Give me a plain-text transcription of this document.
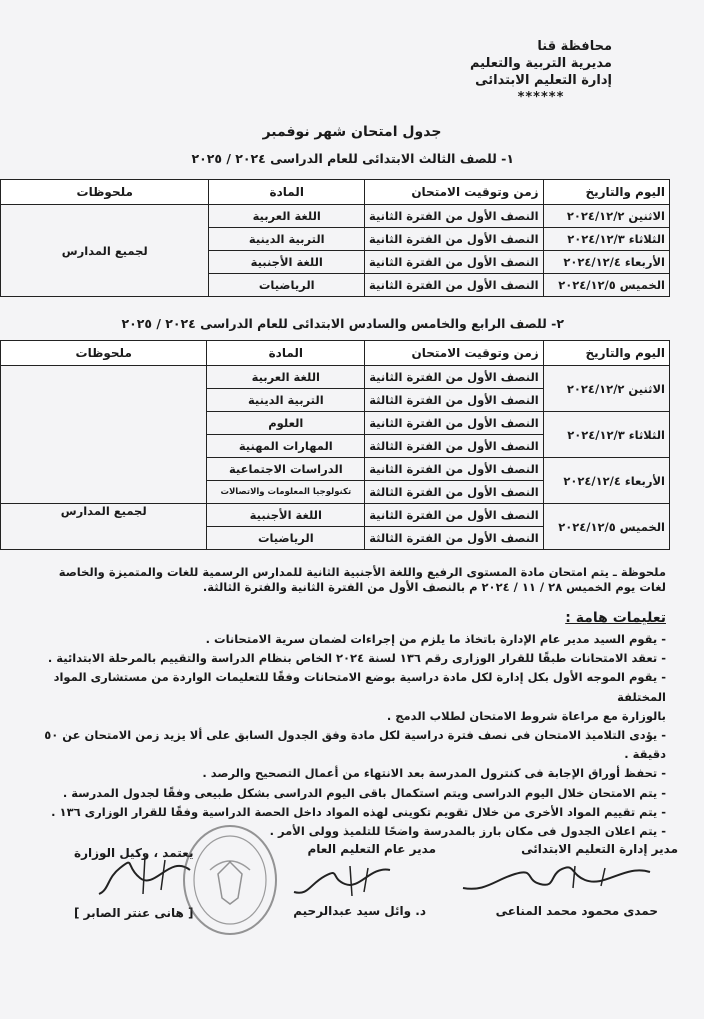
محافظة قنا
مديرية التربية والتعليم
إدارة التعليم الابتدائى
******
جدول امتحان شهر نوفمبر
١- للصف الثالث الابتدائى للعام الدراسى ٢٠٢٤ / ٢٠٢٥
اليوم والتاريخ	زمن وتوقيت الامتحان	المادة	ملحوظات
الاثنين ٢٠٢٤/١٢/٢	النصف الأول من الفترة الثانية	اللغة العربية	لجميع المدارس
الثلاثاء ٢٠٢٤/١٢/٣	النصف الأول من الفترة الثانية	التربية الدينية	
الأربعاء ٢٠٢٤/١٢/٤	النصف الأول من الفترة الثانية	اللغة الأجنبية	
الخميس ٢٠٢٤/١٢/٥	النصف الأول من الفترة الثانية	الرياضيات	
٢- للصف الرابع والخامس والسادس الابتدائى للعام الدراسى ٢٠٢٤ / ٢٠٢٥
اليوم والتاريخ	زمن وتوقيت الامتحان	المادة	ملحوظات
الاثنين ٢٠٢٤/١٢/٢	النصف الأول من الفترة الثانية	اللغة العربية	
	النصف الأول من الفترة الثالثة	التربية الدينية	
الثلاثاء ٢٠٢٤/١٢/٣	النصف الأول من الفترة الثانية	العلوم	
	النصف الأول من الفترة الثالثة	المهارات المهنية	
الأربعاء ٢٠٢٤/١٢/٤	النصف الأول من الفترة الثانية	الدراسات الاجتماعية	
	النصف الأول من الفترة الثالثة	تكنولوجيا المعلومات والاتصالات	
الخميس ٢٠٢٤/١٢/٥	النصف الأول من الفترة الثانية	اللغة الأجنبية	لجميع المدارس
	النصف الأول من الفترة الثالثة	الرياضيات	
ملحوظة ـ يتم امتحان مادة المستوى الرفيع واللغة الأجنبية الثانية للمدارس الرسمية للغات والمتميزة والخاصة
لغات يوم الخميس ٢٨ / ١١ / ٢٠٢٤ م بالنصف الأول من الفترة الثانية والفترة الثالثة.
تعليمات هامة :
- يقوم السيد مدير عام الإدارة باتخاذ ما يلزم من إجراءات لضمان سرية الامتحانات .
- تعقد الامتحانات طبقًا للقرار الوزارى رقم ١٣٦ لسنة ٢٠٢٤ الخاص بنظام الدراسة والتقييم بالمرحلة الابتدائية .
- يقوم الموجه الأول بكل إدارة لكل مادة دراسية بوضع الامتحانات وفقًا للتعليمات الواردة من مستشارى المواد المختلفة
بالوزارة مع مراعاة شروط الامتحان لطلاب الدمج .
- يؤدى التلاميذ الامتحان فى نصف فترة دراسية لكل مادة وفق الجدول السابق على ألا يزيد زمن الامتحان عن ٥٠ دقيقة .
- تحفظ أوراق الإجابة فى كنترول المدرسة بعد الانتهاء من أعمال التصحيح والرصد .
- يتم الامتحان خلال اليوم الدراسى ويتم استكمال باقى اليوم الدراسى بشكل طبيعى وفقًا لجدول المدرسة .
- يتم تقييم المواد الأخرى من خلال تقويم تكوينى لهذه المواد داخل الحصة الدراسية وفقًا للقرار الوزارى ١٣٦ .
- يتم اعلان الجدول فى مكان بارز بالمدرسة واضحًا للتلميذ وولى الأمر .
مدير إدارة التعليم الابتدائى
حمدى محمود محمد المناعى
مدير عام التعليم العام
د. وائل سيد عبدالرحيم
يعتمد ، وكيل الوزارة
[ هانى عنتر الصابر ]
